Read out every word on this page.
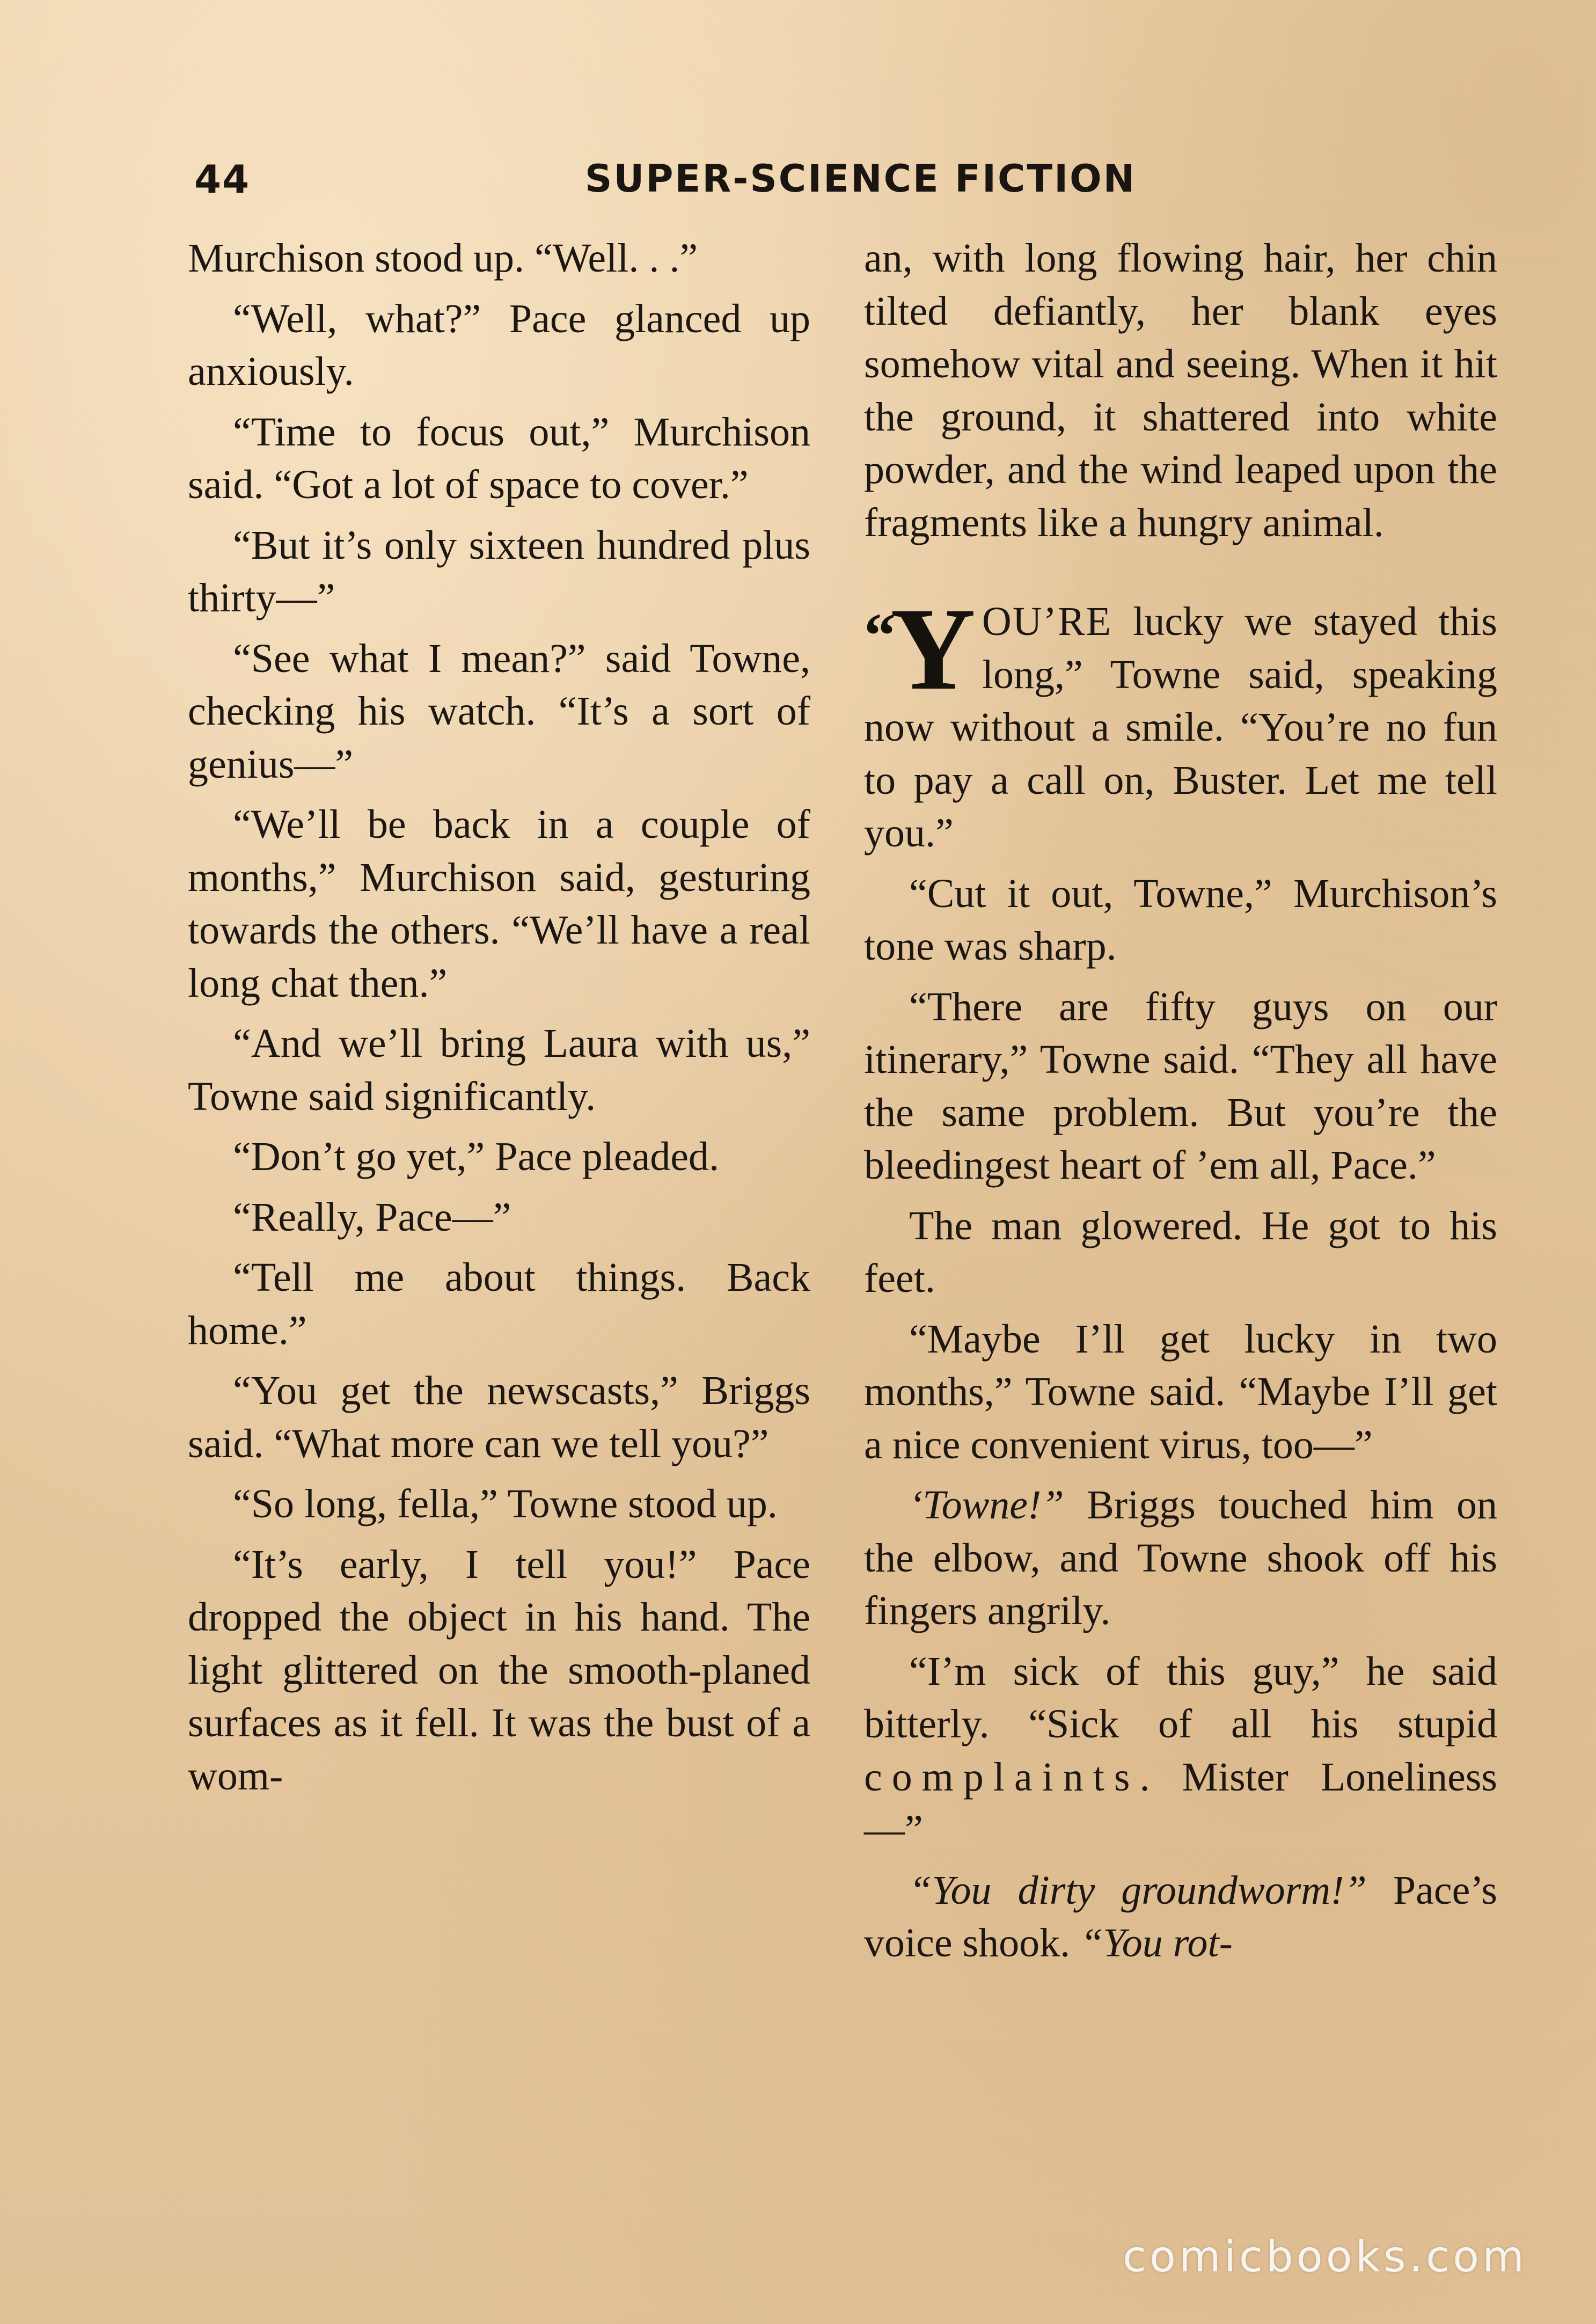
44	SUPER-SCIENCE FICTION

Murchison stood up. “Well. . .”

“Well, what?” Pace glanced up anxiously.

“Time to focus out,” Murchison said. “Got a lot of space to cover.”

“But it’s only sixteen hundred plus thirty—”

“See what I mean?” said Towne, checking his watch. “It’s a sort of genius—”

“We’ll be back in a couple of months,” Murchison said, gesturing towards the others. “We’ll have a real long chat then.”

“And we’ll bring Laura with us,” Towne said significantly.

“Don’t go yet,” Pace pleaded.

“Really, Pace—”

“Tell me about things. Back home.”

“You get the newscasts,” Briggs said. “What more can we tell you?”

“So long, fella,” Towne stood up.

“It’s early, I tell you!” Pace dropped the object in his hand. The light glittered on the smooth-planed surfaces as it fell. It was the bust of a wom-

an, with long flowing hair, her chin tilted defiantly, her blank eyes somehow vital and seeing. When it hit the ground, it shattered into white powder, and the wind leaped upon the fragments like a hungry animal.

“Y OU’RE lucky we stayed this long,” Towne said, speaking now without a smile. “You’re no fun to pay a call on, Buster. Let me tell you.”

“Cut it out, Towne,” Murchison’s tone was sharp.

“There are fifty guys on our itinerary,” Towne said. “They all have the same problem. But you’re the bleedingest heart of ’em all, Pace.”

The man glowered. He got to his feet.

“Maybe I’ll get lucky in two months,” Towne said. “Maybe I’ll get a nice convenient virus, too—”

‘Towne!” Briggs touched him on the elbow, and Towne shook off his fingers angrily.

“I’m sick of this guy,” he said bitterly. “Sick of all his stupid complaints. Mister Loneliness—”

“You dirty groundworm!” Pace’s voice shook. “You rot-

comicbooks.com
